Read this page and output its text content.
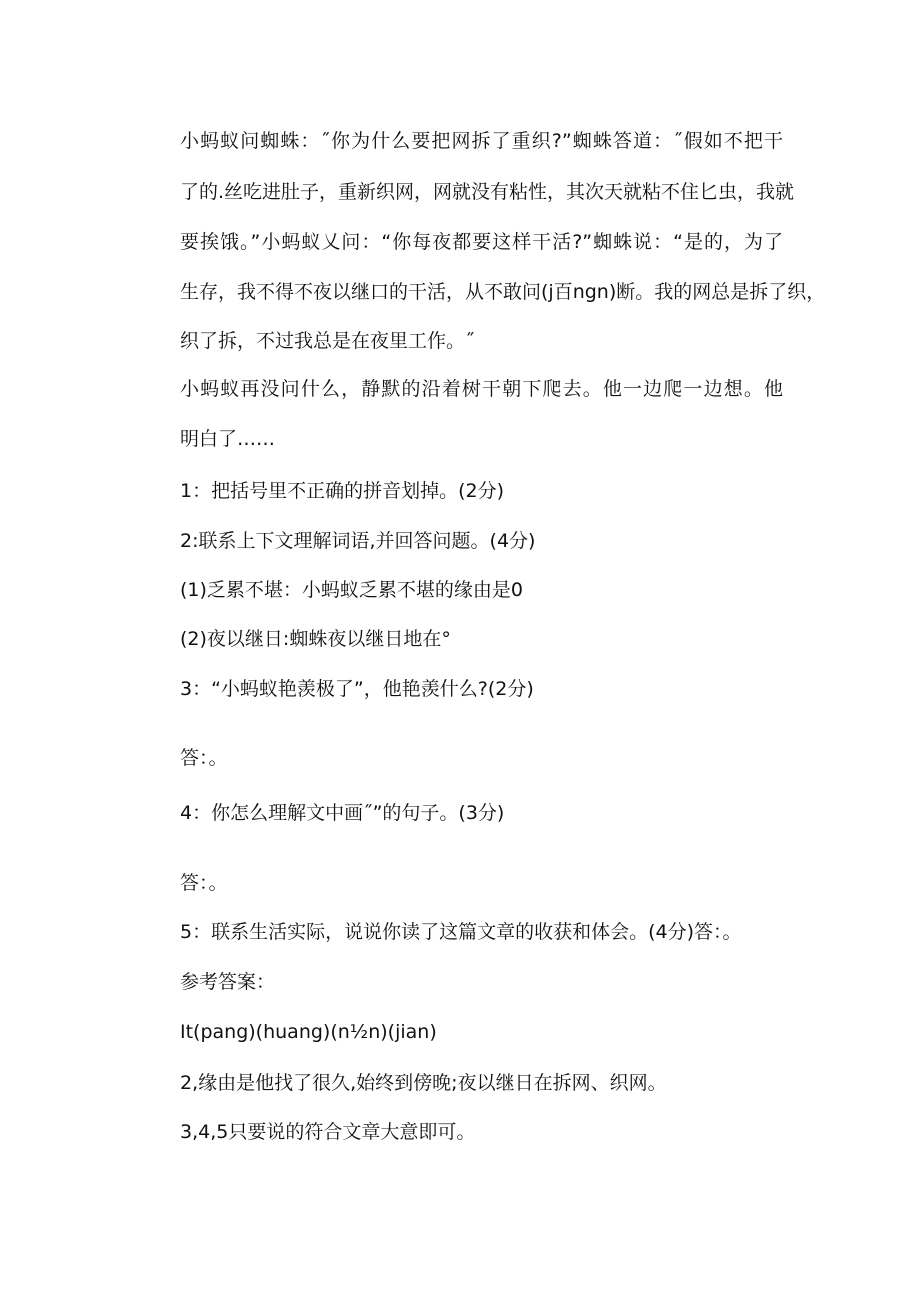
小蚂蚁问蜘蛛：˝你为什么要把网拆了重织?”蜘蛛答道：˝假如不把干
了的.丝吃进肚子，重新织网，网就没有粘性，其次天就粘不住匕虫，我就
要挨饿。”小蚂蚁乂问：“你每夜都要这样干活?”蜘蛛说：“是的，为了
生存，我不得不夜以继口的干活，从不敢问(j百ngn)断。我的网总是拆了织，
织了拆，不过我总是在夜里工作。˝
小蚂蚁再没问什么，静默的沿着树干朝下爬去。他一边爬一边想。他
明白了……
1：把括号里不正确的拼音划掉。(2分)
2:联系上下文理解词语,并回答问题。(4分)
(1)乏累不堪：小蚂蚁乏累不堪的缘由是0
(2)夜以继日:蜘蛛夜以继日地在°
3：“小蚂蚁艳羡极了”，他艳羡什么?(2分)
答：。
4：你怎么理解文中画˝”的句子。(3分)
答：。
5：联系生活实际，说说你读了这篇文章的收获和体会。(4分)答：。
参考答案：
It(pang)(huang)(n½n)(jian)
2,缘由是他找了很久,始终到傍晚;夜以继日在拆网、织网。
3,4,5只要说的符合文章大意即可。
